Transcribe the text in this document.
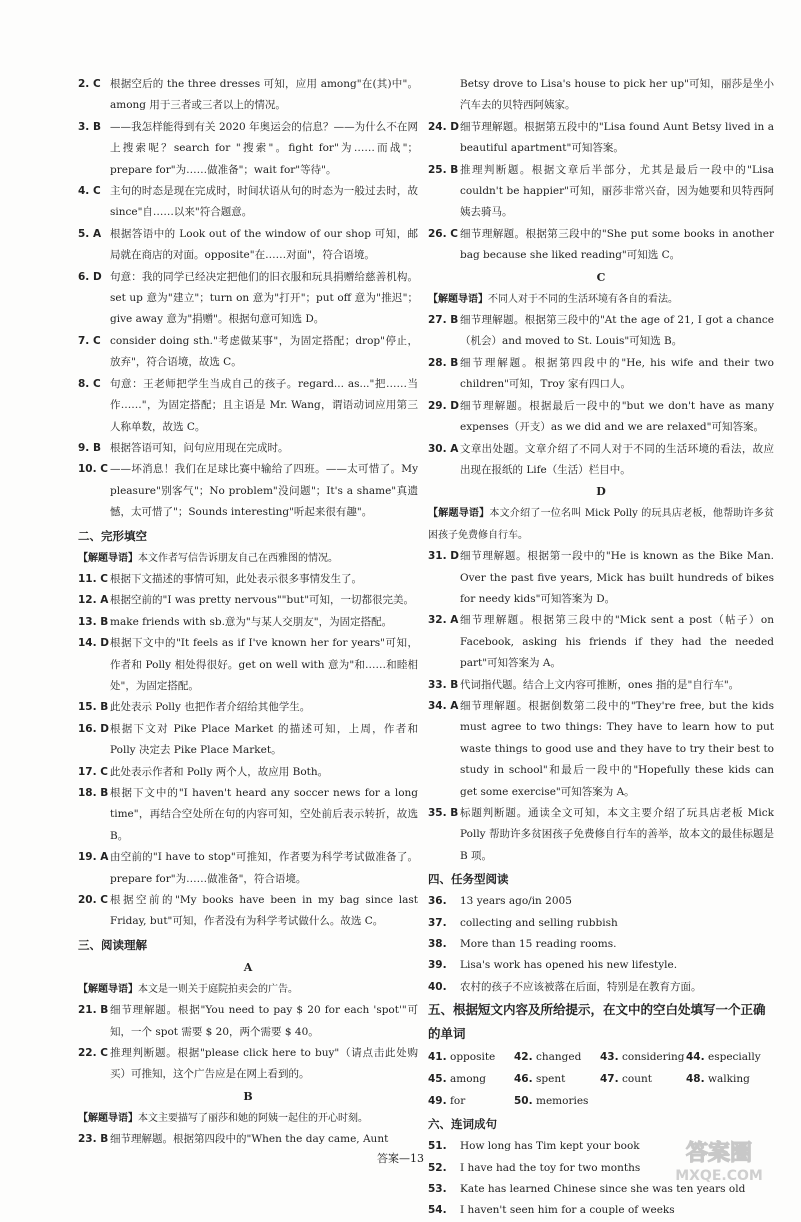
2. C 根据空后的 the three dresses 可知，应用 among"在(其)中"。among 用于三者或三者以上的情况。
3. B ——我怎样能得到有关 2020 年奥运会的信息？——为什么不在网上搜索呢？search for "搜索"。fight for"为……而战"；prepare for"为……做准备"；wait for"等待"。
4. C 主句的时态是现在完成时，时间状语从句的时态为一般过去时，故 since"自……以来"符合题意。
5. A 根据答语中的 Look out of the window of our shop 可知，邮局就在商店的对面。opposite"在……对面"，符合语境。
6. D 句意：我的同学已经决定把他们的旧衣服和玩具捐赠给慈善机构。set up 意为"建立"；turn on 意为"打开"；put off 意为"推迟"；give away 意为"捐赠"。根据句意可知选 D。
7. C consider doing sth."考虑做某事"，为固定搭配；drop"停止，放弃"，符合语境，故选 C。
8. C 句意：王老师把学生当成自己的孩子。regard... as..."把……当作……"，为固定搭配；且主语是 Mr. Wang，谓语动词应用第三人称单数，故选 C。
9. B 根据答语可知，问句应用现在完成时。
10. C ——坏消息！我们在足球比赛中输给了四班。——太可惜了。My pleasure"别客气"；No problem"没问题"；It's a shame"真遗憾，太可惜了"；Sounds interesting"听起来很有趣"。
二、完形填空
【解题导语】本文作者写信告诉朋友自己在西雅图的情况。
11. C 根据下文描述的事情可知，此处表示很多事情发生了。
12. A 根据空前的"I was pretty nervous""but"可知，一切都很完美。
13. B make friends with sb.意为"与某人交朋友"，为固定搭配。
14. D 根据下文中的"It feels as if I've known her for years"可知，作者和 Polly 相处得很好。get on well with 意为"和……和睦相处"，为固定搭配。
15. B 此处表示 Polly 也把作者介绍给其他学生。
16. D 根据下文对 Pike Place Market 的描述可知，上周，作者和 Polly 决定去 Pike Place Market。
17. C 此处表示作者和 Polly 两个人，故应用 Both。
18. B 根据下文中的"I haven't heard any soccer news for a long time"，再结合空处所在句的内容可知，空处前后表示转折，故选 B。
19. A 由空前的"I have to stop"可推知，作者要为科学考试做准备了。prepare for"为……做准备"，符合语境。
20. C 根据空前的"My books have been in my bag since last Friday, but"可知，作者没有为科学考试做什么。故选 C。
三、阅读理解
A
【解题导语】本文是一则关于庭院拍卖会的广告。
21. B 细节理解题。根据"You need to pay $ 20 for each 'spot'"可知，一个 spot 需要 $ 20，两个需要 $ 40。
22. C 推理判断题。根据"please click here to buy"（请点击此处购买）可推知，这个广告应是在网上看到的。
B
【解题导语】本文主要描写了丽莎和她的阿姨一起住的开心时刻。
23. B 细节理解题。根据第四段中的"When the day came, Aunt
Betsy drove to Lisa's house to pick her up"可知，丽莎是坐小汽车去的贝特西阿姨家。
24. D 细节理解题。根据第五段中的"Lisa found Aunt Betsy lived in a beautiful apartment"可知答案。
25. B 推理判断题。根据文章后半部分，尤其是最后一段中的"Lisa couldn't be happier"可知，丽莎非常兴奋，因为她要和贝特西阿姨去骑马。
26. C 细节理解题。根据第三段中的"She put some books in another bag because she liked reading"可知选 C。
C
【解题导语】不同人对于不同的生活环境有各自的看法。
27. B 细节理解题。根据第三段中的"At the age of 21, I got a chance（机会）and moved to St. Louis"可知选 B。
28. B 细节理解题。根据第四段中的"He, his wife and their two children"可知，Troy 家有四口人。
29. D 细节理解题。根据最后一段中的"but we don't have as many expenses（开支）as we did and we are relaxed"可知答案。
30. A 文章出处题。文章介绍了不同人对于不同的生活环境的看法，故应出现在报纸的 Life（生活）栏目中。
D
【解题导语】本文介绍了一位名叫 Mick Polly 的玩具店老板，他帮助许多贫困孩子免费修自行车。
31. D 细节理解题。根据第一段中的"He is known as the Bike Man. Over the past five years, Mick has built hundreds of bikes for needy kids"可知答案为 D。
32. A 细节理解题。根据第三段中的"Mick sent a post（帖子）on Facebook, asking his friends if they had the needed part"可知答案为 A。
33. B 代词指代题。结合上文内容可推断，ones 指的是"自行车"。
34. A 细节理解题。根据倒数第二段中的"They're free, but the kids must agree to two things: They have to learn how to put waste things to good use and they have to try their best to study in school"和最后一段中的"Hopefully these kids can get some exercise"可知答案为 A。
35. B 标题判断题。通读全文可知，本文主要介绍了玩具店老板 Mick Polly 帮助许多贫困孩子免费修自行车的善举，故本文的最佳标题是 B 项。
四、任务型阅读
36.	13 years ago/in 2005
37.	collecting and selling rubbish
38.	More than 15 reading rooms.
39.	Lisa's work has opened his new lifestyle.
40.	农村的孩子不应该被落在后面，特别是在教育方面。
五、根据短文内容及所给提示，在文中的空白处填写一个正确的单词
41. opposite 42. changed 43. considering 44. especially
45. among	46. spent	47. count	48. walking
49. for	50. memories
六、连词成句
51.	How long has Tim kept your book
52.	I have had the toy for two months
53.	Kate has learned Chinese since she was ten years old
54.	I haven't seen him for a couple of weeks
答案—13	答案圈
MXQE.COM
